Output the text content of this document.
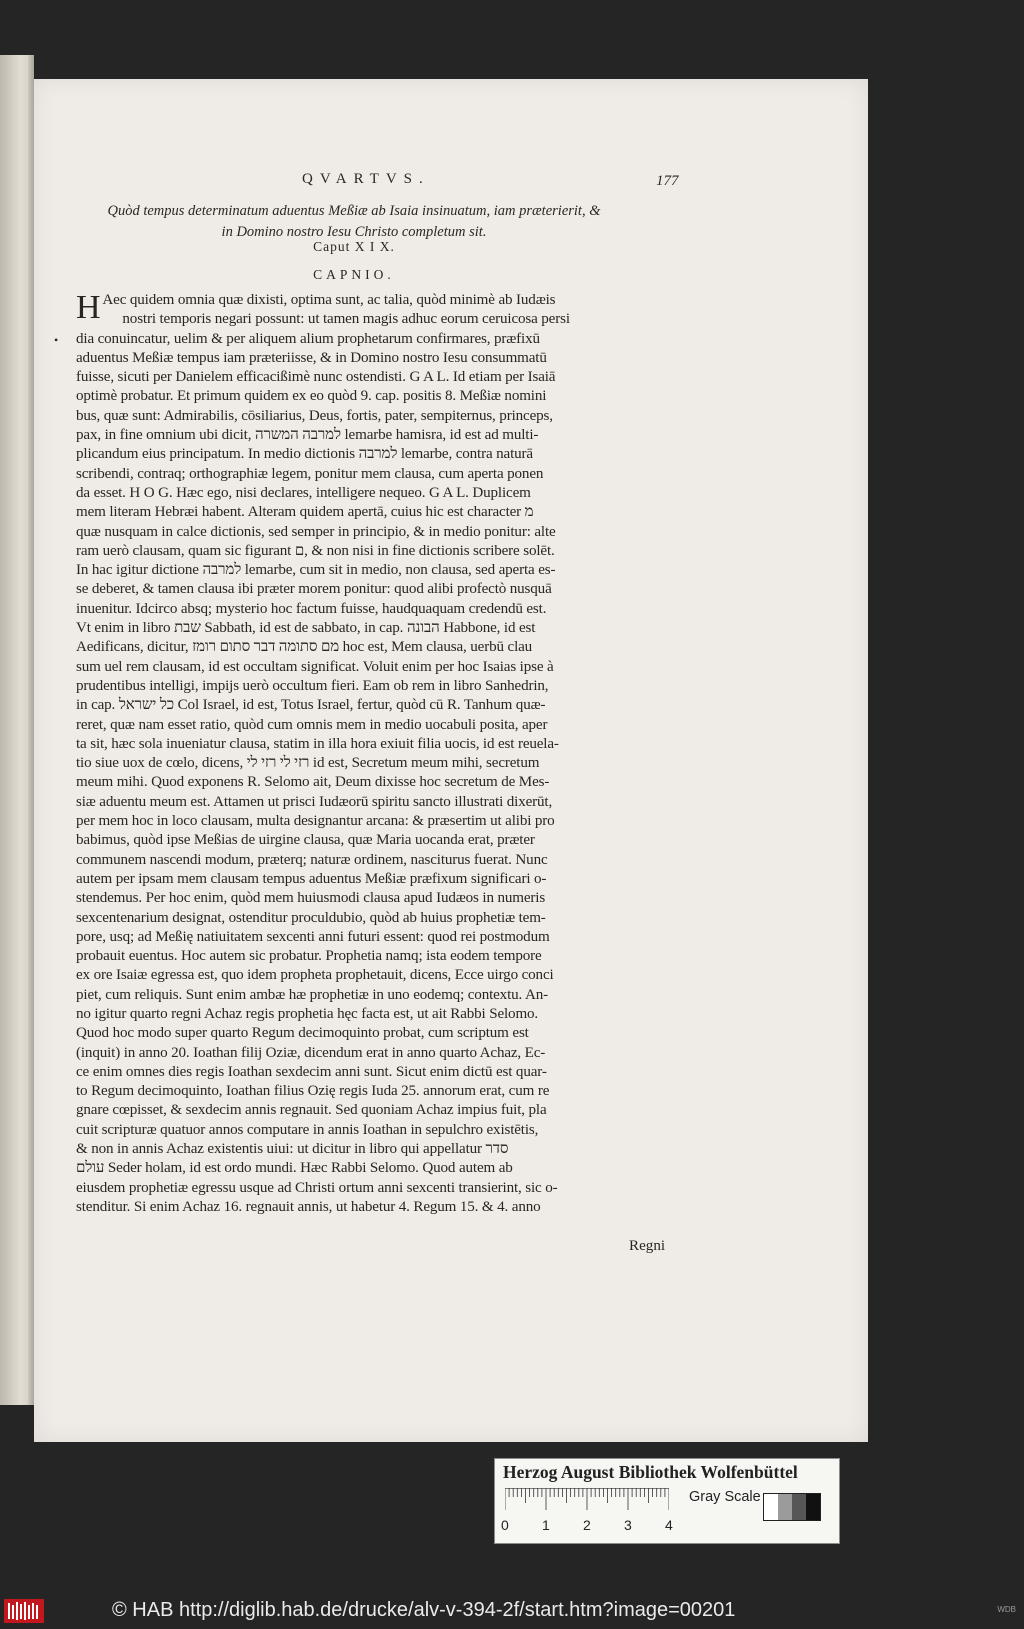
QVARTVS.	177
Quòd tempus determinatum aduentus Meßiæ ab Isaia insinuatum, iam præterierit, &
in Domino nostro Iesu Christo completum sit.
Caput X I X.
CAPNIO.
•
H Aec quidem omnia quæ dixisti, optima sunt, ac talia, quòd minimè ab Iudæis
nostri temporis negari possunt: ut tamen magis adhuc eorum ceruicosa persi
dia conuincatur, uelim & per aliquem alium prophetarum confirmares, præfixū
aduentus Meßiæ tempus iam præteriisse, & in Domino nostro Iesu consummatū
fuisse, sicuti per Danielem efficacißimè nunc ostendisti. G A L. Id etiam per Isaiā
optimè probatur. Et primum quidem ex eo quòd 9. cap. positis 8. Meßiæ nomini
bus, quæ sunt: Admirabilis, cōsiliarius, Deus, fortis, pater, sempiternus, princeps,
pax, in fine omnium ubi dicit, למרבה המשרה lemarbe hamisra, id est ad multi-
plicandum eius principatum. In medio dictionis למרבה lemarbe, contra naturā
scribendi, contraq; orthographiæ legem, ponitur mem clausa, cum aperta ponen
da esset. H O G. Hæc ego, nisi declares, intelligere nequeo. G A L. Duplicem
mem literam Hebræi habent. Alteram quidem apertā, cuius hic est character מ
quæ nusquam in calce dictionis, sed semper in principio, & in medio ponitur: alte
ram uerò clausam, quam sic figurant ם, & non nisi in fine dictionis scribere solēt.
In hac igitur dictione למרבה lemarbe, cum sit in medio, non clausa, sed aperta es-
se deberet, & tamen clausa ibi præter morem ponitur: quod alibi profectò nusquā
inuenitur. Idcirco absq; mysterio hoc factum fuisse, haudquaquam credendū est.
Vt enim in libro שבת Sabbath, id est de sabbato, in cap. הבונה Habbone, id est
Aedificans, dicitur, מם סתומה דבר סתום רומז hoc est, Mem clausa, uerbū clau
sum uel rem clausam, id est occultam significat. Voluit enim per hoc Isaias ipse à
prudentibus intelligi, impijs uerò occultum fieri. Eam ob rem in libro Sanhedrin,
in cap. כל ישראל Col Israel, id est, Totus Israel, fertur, quòd cū R. Tanhum quæ-
reret, quæ nam esset ratio, quòd cum omnis mem in medio uocabuli posita, aper
ta sit, hæc sola inueniatur clausa, statim in illa hora exiuit filia uocis, id est reuela-
tio siue uox de cœlo, dicens, רזי לי רזי לי id est, Secretum meum mihi, secretum
meum mihi. Quod exponens R. Selomo ait, Deum dixisse hoc secretum de Mes-
siæ aduentu meum est. Attamen ut prisci Iudæorū spiritu sancto illustrati dixerūt,
per mem hoc in loco clausam, multa designantur arcana: & præsertim ut alibi pro
babimus, quòd ipse Meßias de uirgine clausa, quæ Maria uocanda erat, præter
communem nascendi modum, præterq; naturæ ordinem, nasciturus fuerat. Nunc
autem per ipsam mem clausam tempus aduentus Meßiæ præfixum significari o-
stendemus. Per hoc enim, quòd mem huiusmodi clausa apud Iudæos in numeris
sexcentenarium designat, ostenditur proculdubio, quòd ab huius prophetiæ tem-
pore, usq; ad Meßię natiuitatem sexcenti anni futuri essent: quod rei postmodum
probauit euentus. Hoc autem sic probatur. Prophetia namq; ista eodem tempore
ex ore Isaiæ egressa est, quo idem propheta prophetauit, dicens, Ecce uirgo conci
piet, cum reliquis. Sunt enim ambæ hæ prophetiæ in uno eodemq; contextu. An-
no igitur quarto regni Achaz regis prophetia hęc facta est, ut ait Rabbi Selomo.
Quod hoc modo super quarto Regum decimoquinto probat, cum scriptum est
(inquit) in anno 20. Ioathan filij Oziæ, dicendum erat in anno quarto Achaz, Ec-
ce enim omnes dies regis Ioathan sexdecim anni sunt. Sicut enim dictū est quar-
to Regum decimoquinto, Ioathan filius Ozię regis Iuda 25. annorum erat, cum re
gnare cœpisset, & sexdecim annis regnauit. Sed quoniam Achaz impius fuit, pla
cuit scripturæ quatuor annos computare in annis Ioathan in sepulchro existētis,
& non in annis Achaz existentis uiui: ut dicitur in libro qui appellatur סדר
עולם Seder holam, id est ordo mundi. Hæc Rabbi Selomo. Quod autem ab
eiusdem prophetiæ egressu usque ad Christi ortum anni sexcenti transierint, sic o-
stenditur. Si enim Achaz 16. regnauit annis, ut habetur 4. Regum 15. & 4. anno
Regni
Herzog August Bibliothek Wolfenbüttel
0 1 2 3 4
Gray Scale
© HAB http://diglib.hab.de/drucke/alv-v-394-2f/start.htm?image=00201	WDB
